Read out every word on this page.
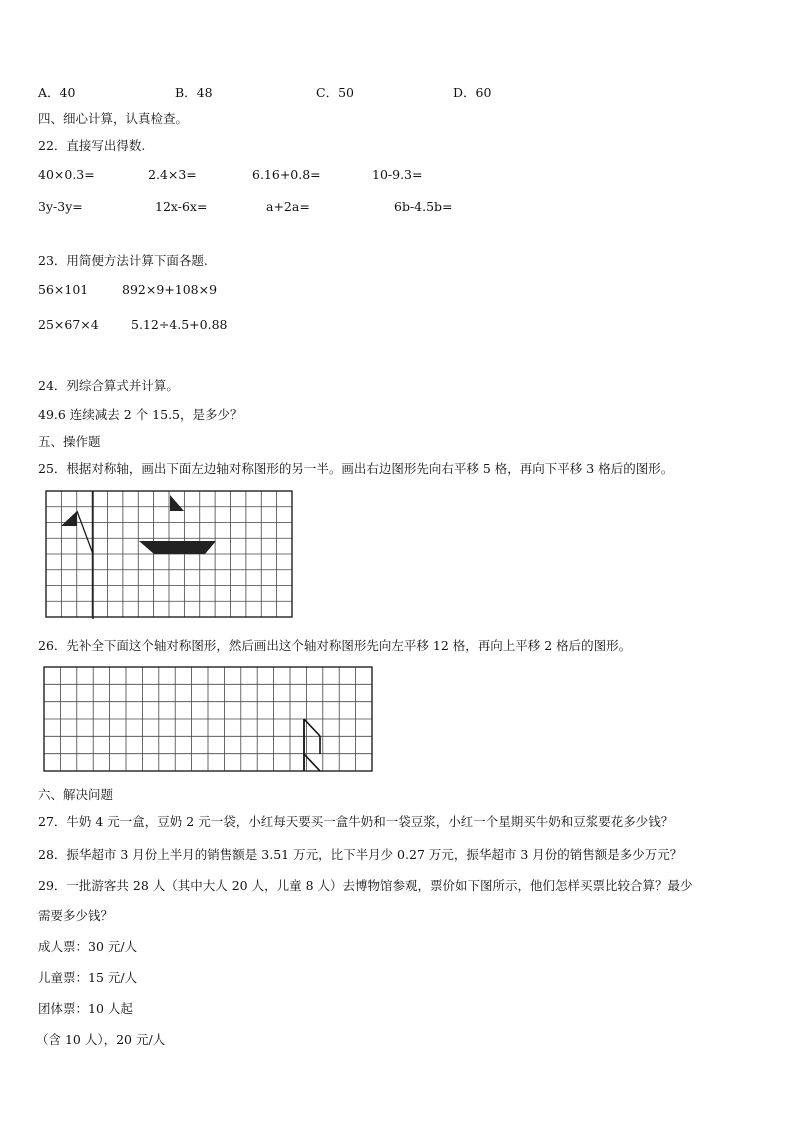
A．40	B．48	C．50	D．60
四、细心计算，认真检查。
22．直接写出得数.
40×0.3=	2.4×3=	6.16+0.8=	10-9.3=
3y-3y=	12x-6x=	a+2a=	6b-4.5b=
23．用简便方法计算下面各题.
56×101	892×9+108×9
25×67×4	5.12÷4.5+0.88
24．列综合算式并计算。
49.6 连续减去 2 个 15.5，是多少？
五、操作题
25．根据对称轴，画出下面左边轴对称图形的另一半。画出右边图形先向右平移 5 格，再向下平移 3 格后的图形。
26．先补全下面这个轴对称图形，然后画出这个轴对称图形先向左平移 12 格，再向上平移 2 格后的图形。
六、解决问题
27．牛奶 4 元一盒，豆奶 2 元一袋，小红每天要买一盒牛奶和一袋豆浆，小红一个星期买牛奶和豆浆要花多少钱？
28．振华超市 3 月份上半月的销售额是 3.51 万元，比下半月少 0.27 万元，振华超市 3 月份的销售额是多少万元？
29．一批游客共 28 人（其中大人 20 人，儿童 8 人）去博物馆参观，票价如下图所示，他们怎样买票比较合算？最少
需要多少钱？
成人票：30 元/人
儿童票：15 元/人
团体票：10 人起
（含 10 人），20 元/人
